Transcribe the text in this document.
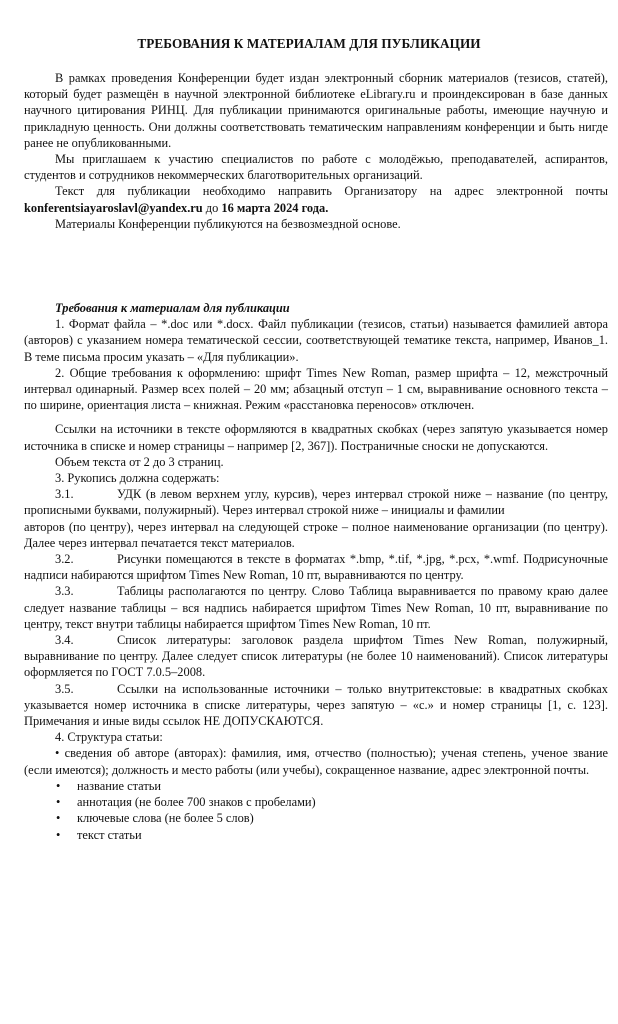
ТРЕБОВАНИЯ К МАТЕРИАЛАМ ДЛЯ ПУБЛИКАЦИИ

В рамках проведения Конференции будет издан электронный сборник материалов (тезисов, статей), который будет размещён в научной электронной библиотеке eLibrary.ru и проиндексирован в базе данных научного цитирования РИНЦ. Для публикации принимаются оригинальные работы, имеющие научную и прикладную ценность. Они должны соответствовать тематическим направлениям конференции и быть нигде ранее не опубликованными.

Мы приглашаем к участию специалистов по работе с молодёжью, преподавателей, аспирантов, студентов и сотрудников некоммерческих благотворительных организаций.

Текст для публикации необходимо направить Организатору на адрес электронной почты konferentsiayaroslavl@yandex.ru до 16 марта 2024 года.

Материалы Конференции публикуются на безвозмездной основе.

Требования к материалам для публикации

1. Формат файла – *.doc или *.docx. Файл публикации (тезисов, статьи) называется фамилией автора (авторов) с указанием номера тематической сессии, соответствующей тематике текста, например, Иванов_1. В теме письма просим указать – «Для публикации».

2. Общие требования к оформлению: шрифт Times New Roman, размер шрифта – 12, межстрочный интервал одинарный. Размер всех полей – 20 мм; абзацный отступ – 1 см, выравнивание основного текста – по ширине, ориентация листа – книжная. Режим «расстановка переносов» отключен.

Ссылки на источники в тексте оформляются в квадратных скобках (через запятую указывается номер источника в списке и номер страницы – например [2, 367]). Постраничные сноски не допускаются.

Объем текста от 2 до 3 страниц.

3. Рукопись должна содержать:

3.1.	УДК (в левом верхнем углу, курсив), через интервал строкой ниже – название (по центру, прописными буквами, полужирный). Через интервал строкой ниже – инициалы и фамилии

авторов (по центру), через интервал на следующей строке – полное наименование организации (по центру). Далее через интервал печатается текст материалов.

3.2.	Рисунки помещаются в тексте в форматах *.bmp, *.tif, *.jpg, *.pcx, *.wmf. Подрисуночные надписи набираются шрифтом Times New Roman, 10 пт, выравниваются по центру.

3.3.	Таблицы располагаются по центру. Слово Таблица выравнивается по правому краю далее следует название таблицы – вся надпись набирается шрифтом Times New Roman, 10 пт, выравнивание по центру, текст внутри таблицы набирается шрифтом Times New Roman, 10 пт.

3.4.	Список литературы: заголовок раздела шрифтом Times New Roman, полужирный, выравнивание по центру. Далее следует список литературы (не более 10 наименований). Список литературы оформляется по ГОСТ 7.0.5–2008.

3.5.	Ссылки на использованные источники – только внутритекстовые: в квадратных скобках указывается номер источника в списке литературы, через запятую – «с.» и номер страницы [1, с. 123]. Примечания и иные виды ссылок НЕ ДОПУСКАЮТСЯ.

4. Структура статьи:

• сведения об авторе (авторах): фамилия, имя, отчество (полностью); ученая степень, ученое звание (если имеются); должность и место работы (или учебы), сокращенное название, адрес электронной почты.

• название статьи
• аннотация (не более 700 знаков с пробелами)
• ключевые слова (не более 5 слов)
• текст статьи
